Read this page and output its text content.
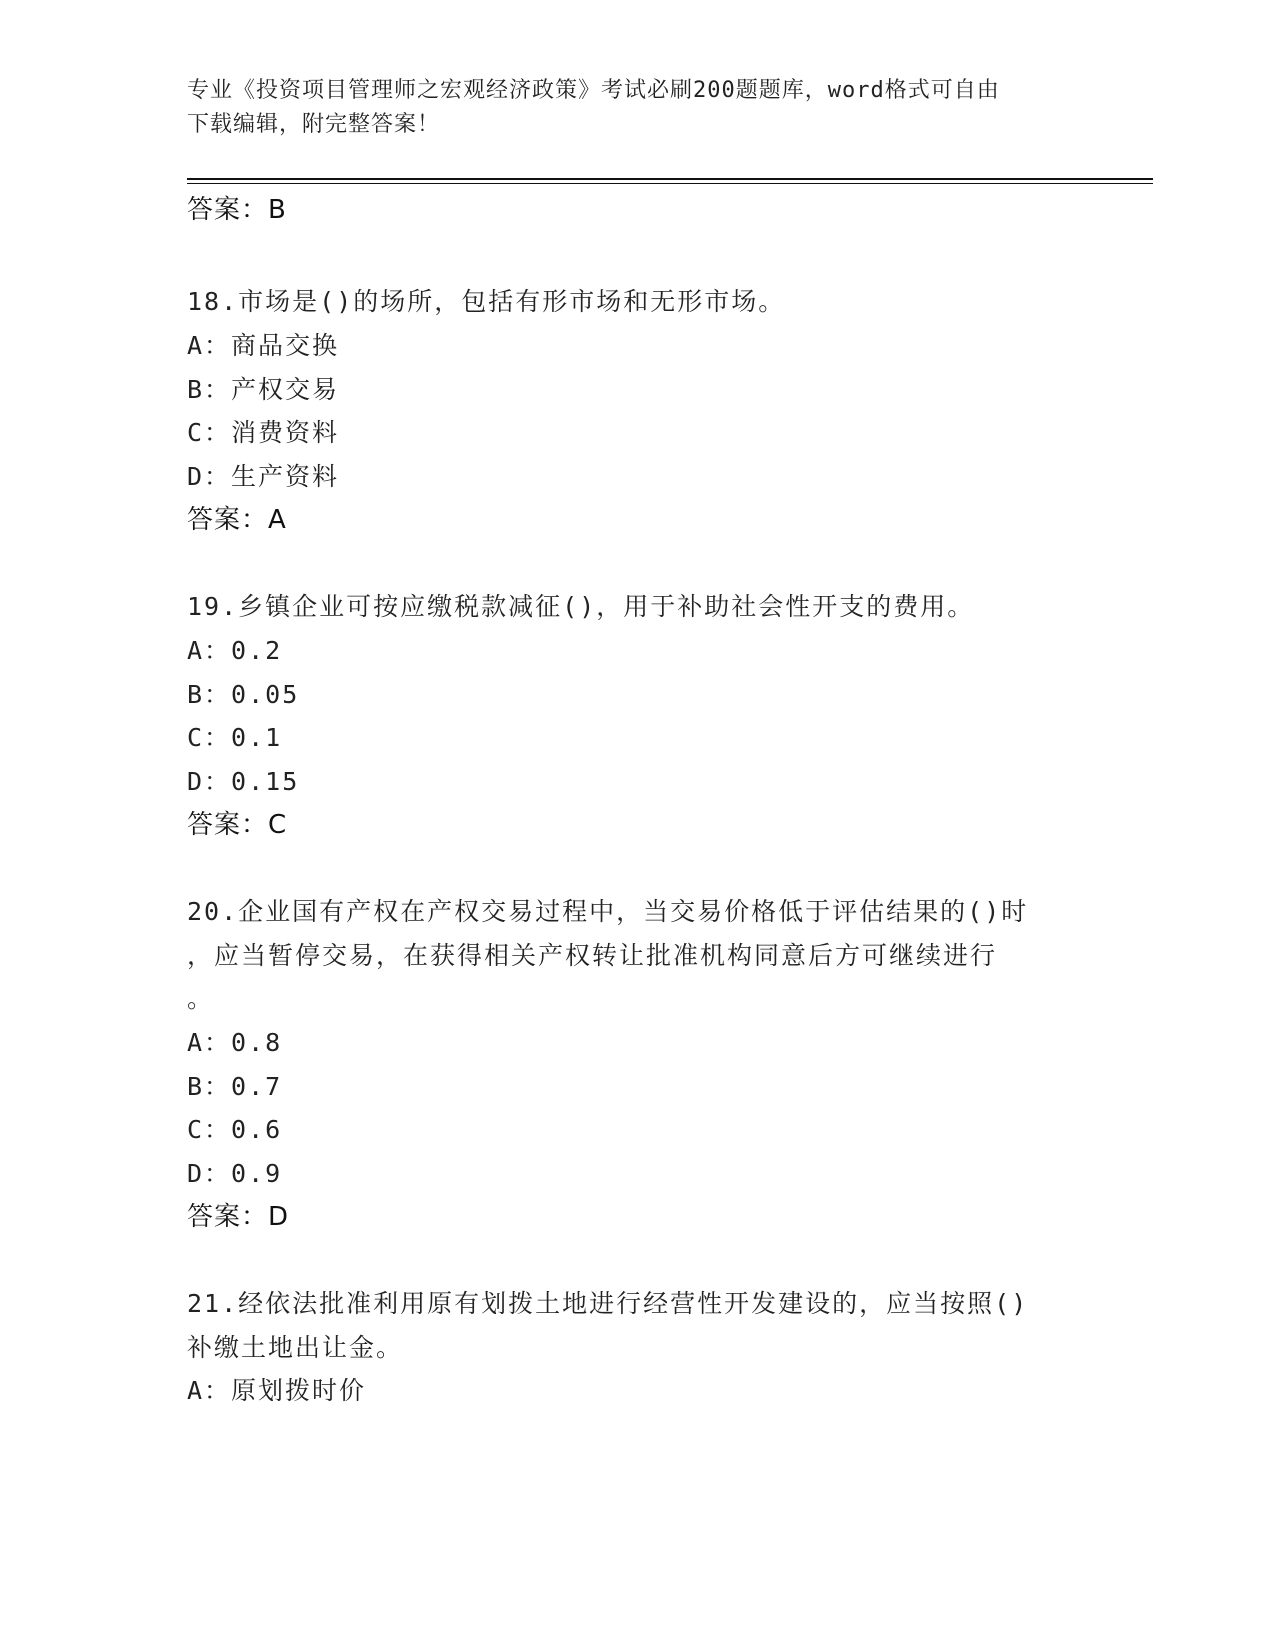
专业《投资项目管理师之宏观经济政策》考试必刷200题题库，word格式可自由
下载编辑，附完整答案！
答案：B
18.市场是()的场所，包括有形市场和无形市场。
A：商品交换
B：产权交易
C：消费资料
D：生产资料
答案：A
19.乡镇企业可按应缴税款减征()，用于补助社会性开支的费用。
A：0.2
B：0.05
C：0.1
D：0.15
答案：C
20.企业国有产权在产权交易过程中，当交易价格低于评估结果的()时
，应当暂停交易，在获得相关产权转让批准机构同意后方可继续进行
。
A：0.8
B：0.7
C：0.6
D：0.9
答案：D
21.经依法批准利用原有划拨土地进行经营性开发建设的，应当按照()
补缴土地出让金。
A：原划拨时价
